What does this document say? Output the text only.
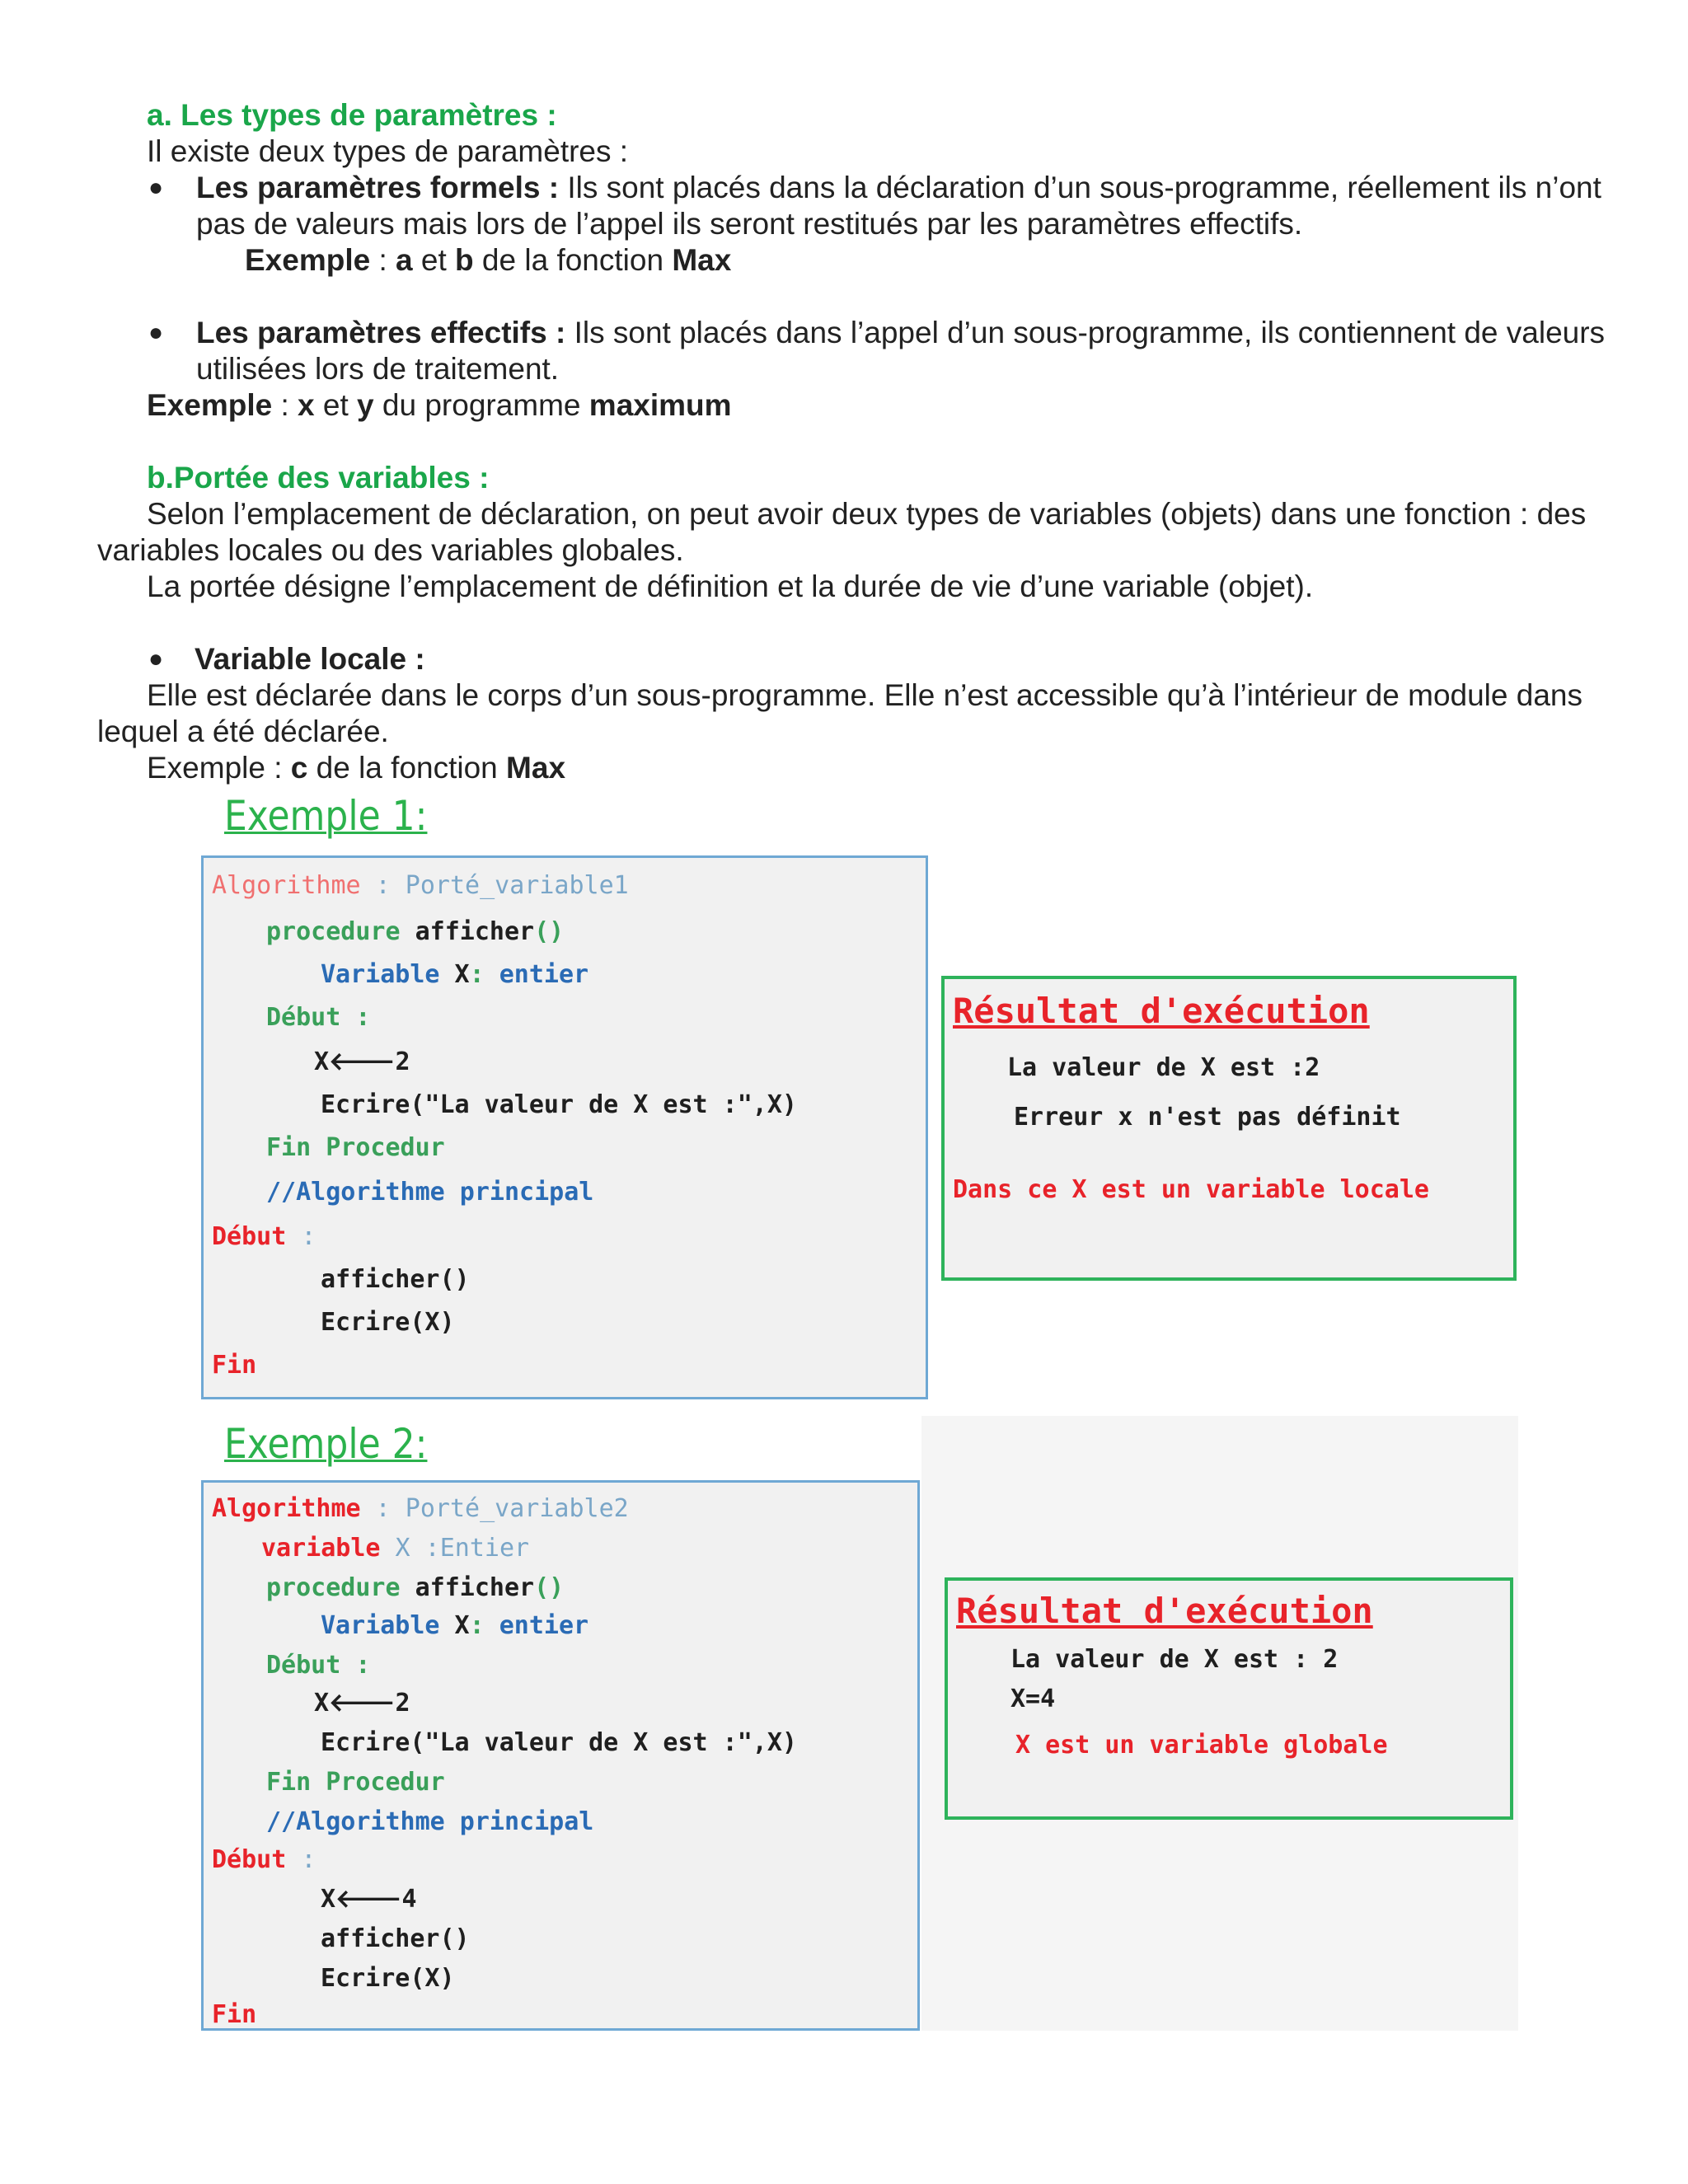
a. Les types de paramètres :
Il existe deux types de paramètres :
● Les paramètres formels : Ils sont placés dans la déclaration d’un sous-programme, réellement ils n’ont
pas de valeurs mais lors de l’appel ils seront restitués par les paramètres effectifs.
Exemple : a et b de la fonction Max
● Les paramètres effectifs : Ils sont placés dans l’appel d’un sous-programme, ils contiennent de valeurs
utilisées lors de traitement.
Exemple : x et y du programme maximum
b.Portée des variables :
Selon l’emplacement de déclaration, on peut avoir deux types de variables (objets) dans une fonction : des
variables locales ou des variables globales.
La portée désigne l’emplacement de définition et la durée de vie d’une variable (objet).
● Variable locale :
Elle est déclarée dans le corps d’un sous-programme. Elle n’est accessible qu’à l’intérieur de module dans
lequel a été déclarée.
Exemple : c de la fonction Max
Exemple 1:
Algorithme : Porté_variable1
procedure afficher()
Variable X: entier
Début :
X🡐2
Ecrire("La valeur de X est :",X)
Fin Procedur
//Algorithme principal
Début :
afficher()
Ecrire(X)
Fin
Résultat d'exécution
La valeur de X est :2
Erreur x n'est pas définit
Dans ce X est un variable locale
Exemple 2:
Algorithme : Porté_variable2
variable X :Entier
procedure afficher()
Variable X: entier
Début :
X🡐2
Ecrire("La valeur de X est :",X)
Fin Procedur
//Algorithme principal
Début :
X🡐4
afficher()
Ecrire(X)
Fin
Résultat d'exécution
La valeur de X est : 2
X=4
X est un variable globale
